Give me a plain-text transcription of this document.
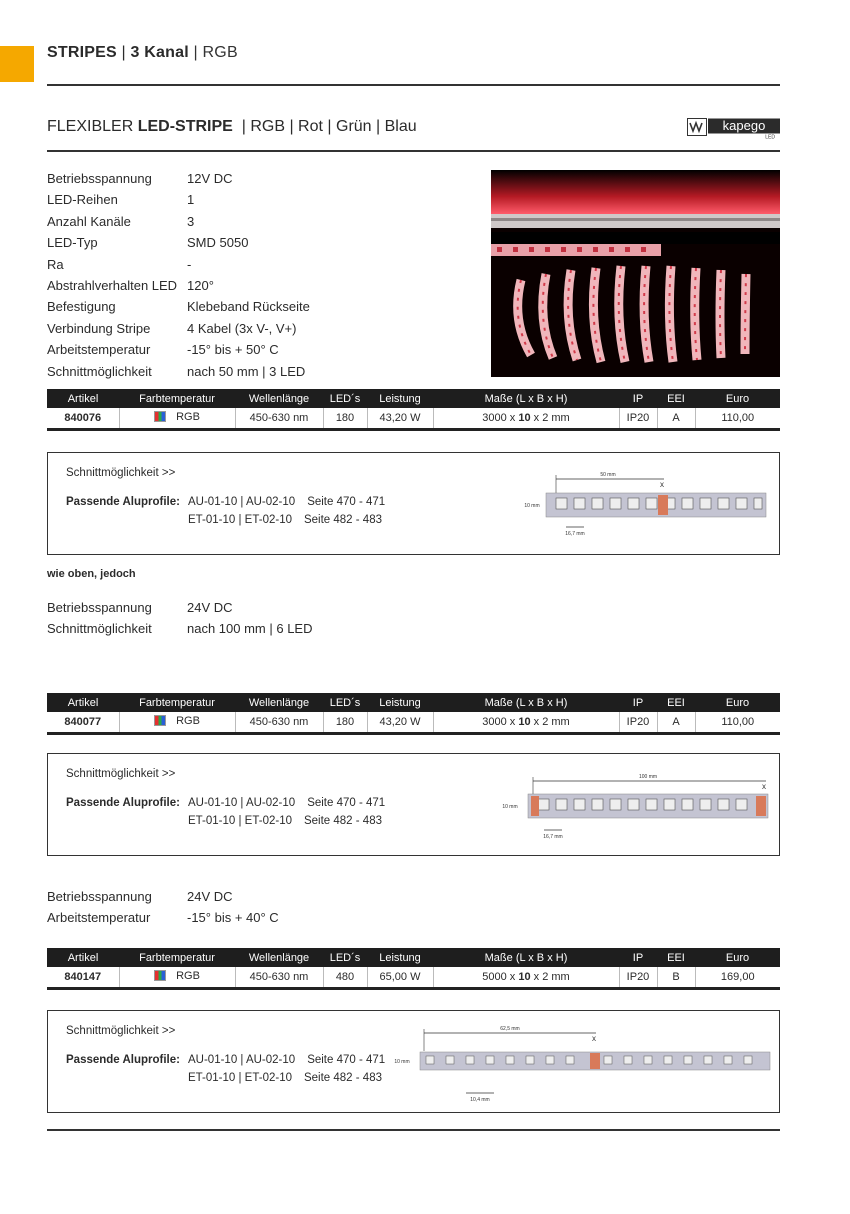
STRIPES | 3 Kanal | RGB
FLEXIBLER LED-STRIPE | RGB | Rot | Grün | Blau	kapego
LED
Betriebsspannung	12V DC
LED-Reihen	1
Anzahl Kanäle	3
LED-Typ	SMD 5050
Ra	-
Abstrahlverhalten LED 120°
Befestigung	Klebeband Rückseite
Verbindung Stripe	4 Kabel (3x V-, V+)
Arbeitstemperatur	-15° bis + 50° C
Schnittmöglichkeit	nach 50 mm | 3 LED
Artikel	Farbtemperatur	Wellenlänge	LED´s	Leistung	Maße (L x B x H)	IP	EEI	Euro
840076	RGB	450-630 nm	180	43,20 W	3000 x 10 x 2 mm	IP20	A	110,00
Schnittmöglichkeit >>
Passende Aluprofile: AU-01-10 | AU-02-10 Seite 470 - 471
ET-01-10 | ET-02-10 Seite 482 - 483
50 mm
x
10 mm
16,7 mm
wie oben, jedoch
Betriebsspannung	24V DC
Schnittmöglichkeit	nach 100 mm | 6 LED
Artikel	Farbtemperatur	Wellenlänge	LED´s	Leistung	Maße (L x B x H)	IP	EEI	Euro
840077	RGB	450-630 nm	180	43,20 W	3000 x 10 x 2 mm	IP20	A	110,00
Schnittmöglichkeit >>
Passende Aluprofile: AU-01-10 | AU-02-10 Seite 470 - 471
ET-01-10 | ET-02-10 Seite 482 - 483
100 mm
x
10 mm
16,7 mm
Betriebsspannung	24V DC
Arbeitstemperatur	-15° bis + 40° C
Artikel	Farbtemperatur	Wellenlänge	LED´s	Leistung	Maße (L x B x H)	IP	EEI	Euro
840147	RGB	450-630 nm	480	65,00 W	5000 x 10 x 2 mm	IP20	B	169,00
Schnittmöglichkeit >>
Passende Aluprofile: AU-01-10 | AU-02-10 Seite 470 - 471
ET-01-10 | ET-02-10 Seite 482 - 483
62,5 mm
x
10 mm
10,4 mm
